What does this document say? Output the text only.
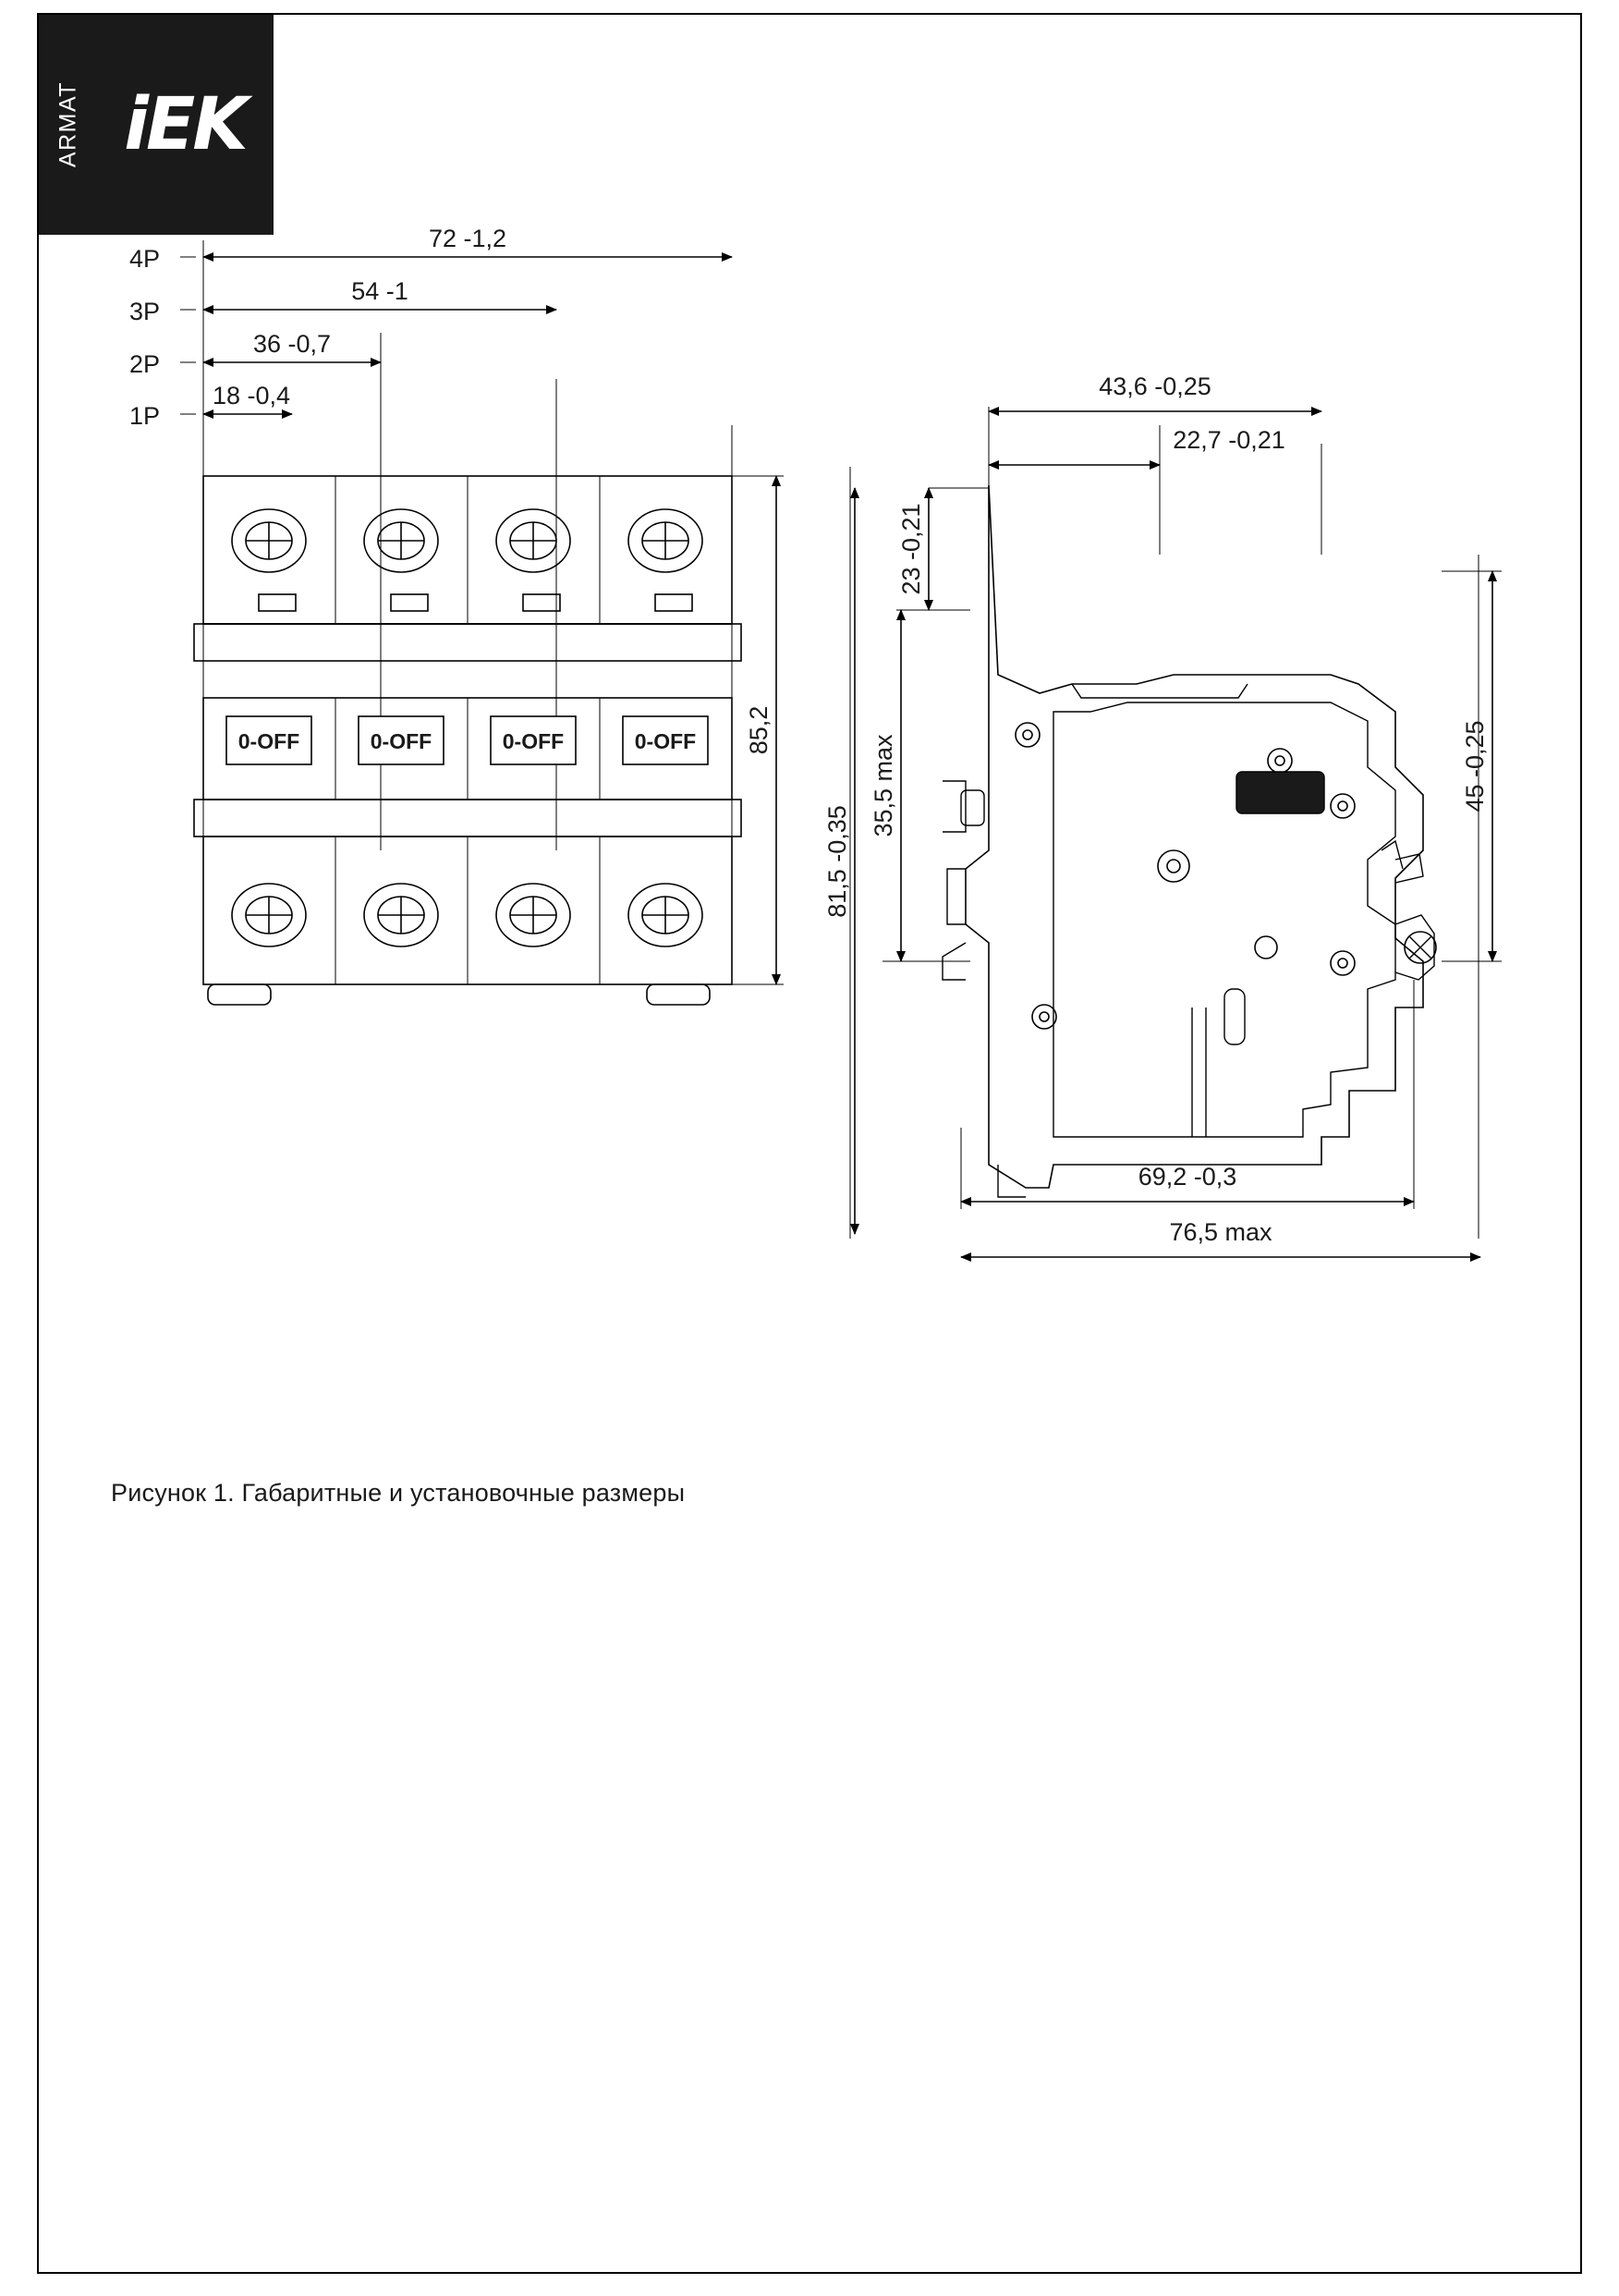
ARMAT iEK
4P
3P
2P
1P
72 -1,2
54 -1
36 -0,7
18 -0,4
0-OFF	0-OFF	0-OFF	0-OFF 85,2
43,6 -0,25
22,7 -0,21
23 -0,21
35,5 max
81,5 -0,35
45 -0,25
69,2 -0,3
76,5 max
Рисунок 1. Габаритные и установочные размеры
